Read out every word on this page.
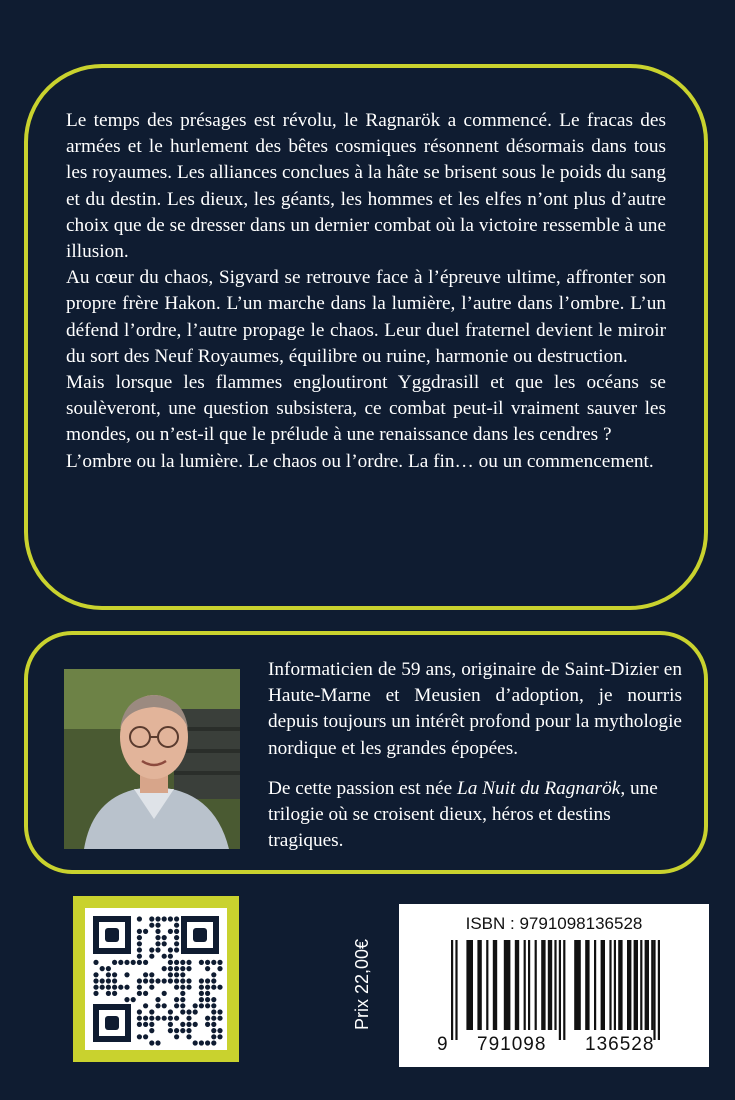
Le temps des présages est révolu, le Ragnarök a commencé. Le fracas des armées et le hurlement des bêtes cosmiques résonnent désormais dans tous les royaumes. Les alliances conclues à la hâte se brisent sous le poids du sang et du destin. Les dieux, les géants, les hommes et les elfes n’ont plus d’autre choix que de se dresser dans un dernier combat où la victoire ressemble à une illusion.

Au cœur du chaos, Sigvard se retrouve face à l’épreuve ultime, affronter son propre frère Hakon. L’un marche dans la lumière, l’autre dans l’ombre. L’un défend l’ordre, l’autre propage le chaos. Leur duel fraternel devient le miroir du sort des Neuf Royaumes, équilibre ou ruine, harmonie ou destruction.

Mais lorsque les flammes engloutiront Yggdrasill et que les océans se soulèveront, une question subsistera, ce combat peut-il vraiment sauver les mondes, ou n’est-il que le prélude à une renaissance dans les cendres ?

L’ombre ou la lumière. Le chaos ou l’ordre. La fin… ou un commencement.

Informaticien de 59 ans, originaire de Saint-Dizier en Haute-Marne et Meusien d’adoption, je nourris depuis toujours un intérêt profond pour la mythologie nordique et les grandes épopées.

De cette passion est née La Nuit du Ragnarök, une trilogie où se croisent dieux, héros et destins tragiques.

Prix 22,00€
ISBN : 9791098136528
9 791098 136528
